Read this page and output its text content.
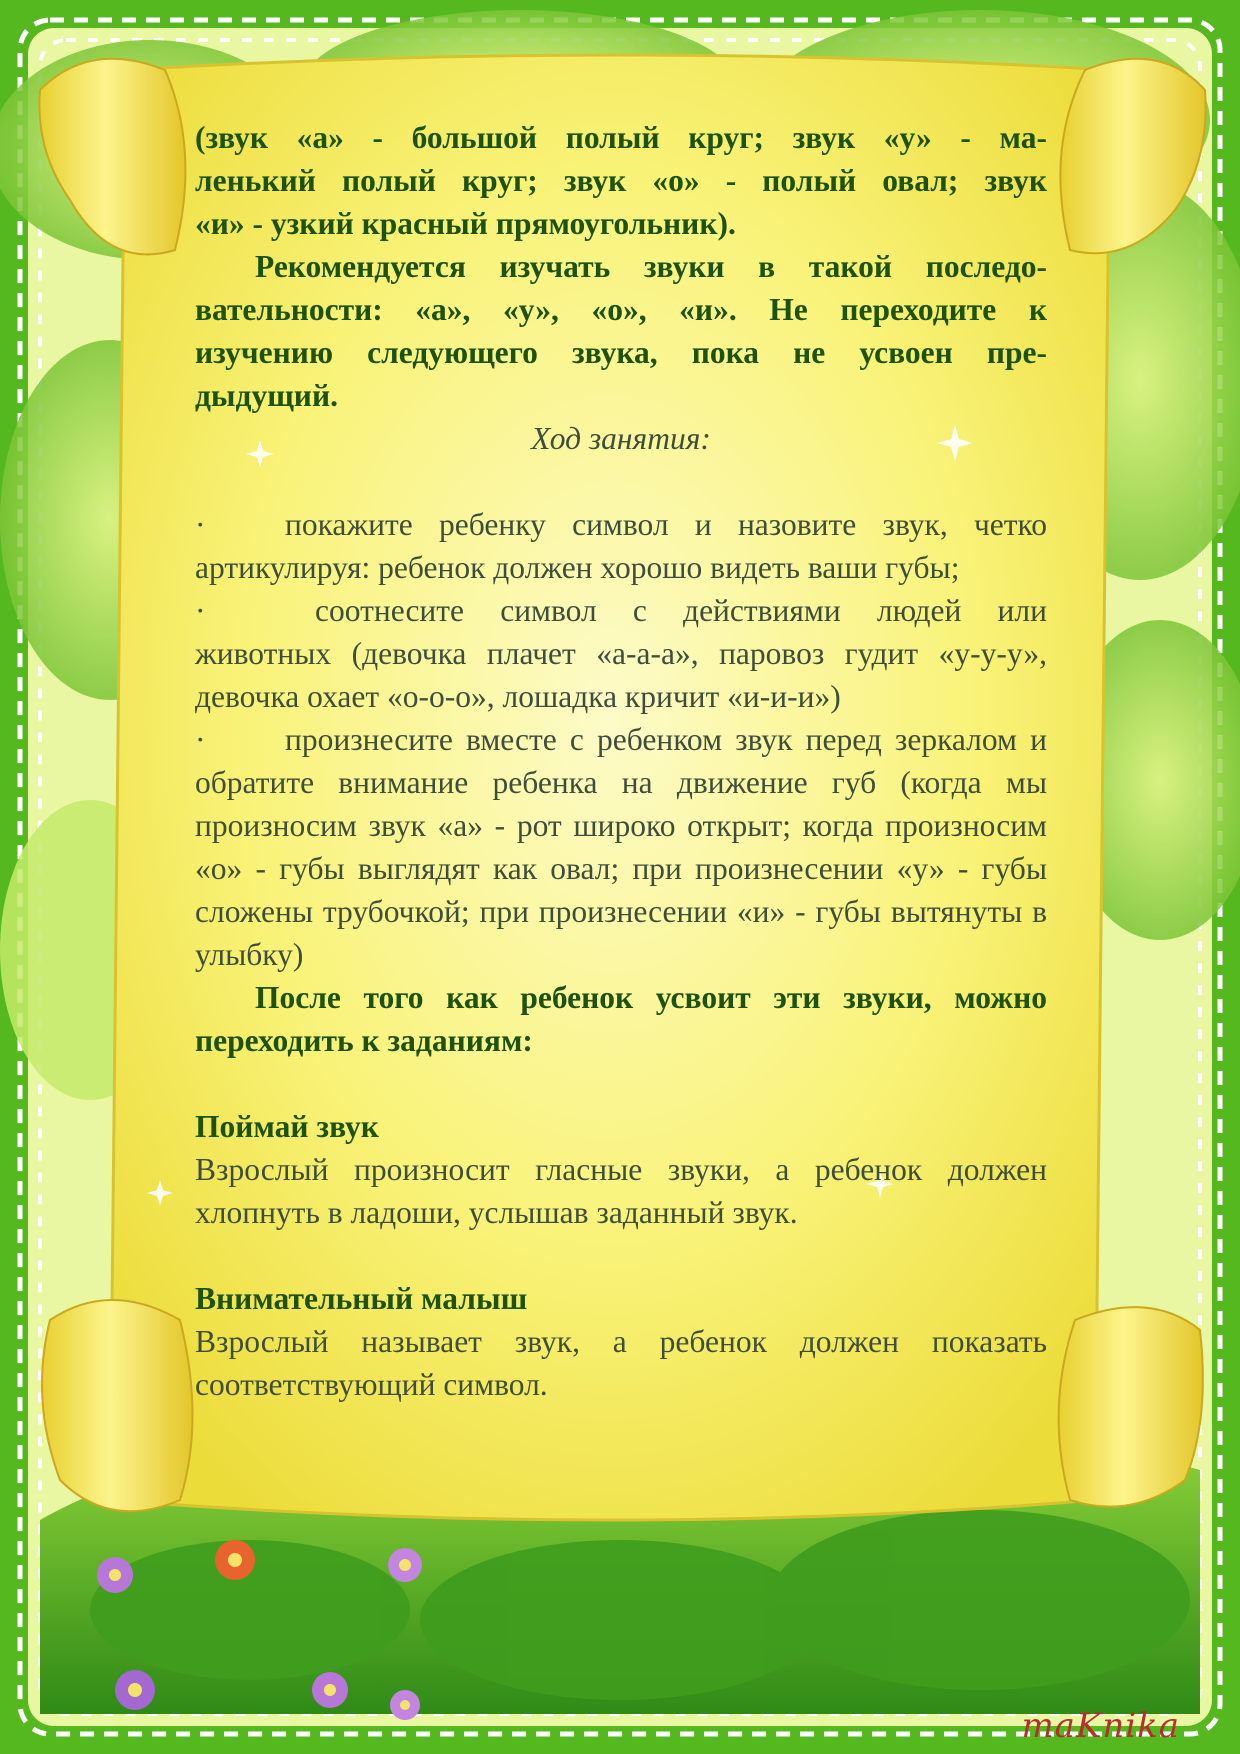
(звук «а» - большой полый круг; звук «у» - ма-
ленький полый круг; звук «о» - полый овал; звук
«и» - узкий красный прямоугольник).

Рекомендуется изучать звуки в такой последо-
вательности: «а», «у», «о», «и». Не переходите к
изучению следующего звука, пока не усвоен пре-
дыдущий.

Ход занятия:

·	покажите ребенку символ и назовите звук, четко артикулируя: ребенок должен хорошо видеть ваши губы;

·	соотнесите символ с действиями людей или животных (девочка плачет «а-а-а», паровоз гудит «у-у-у», девочка охает «о-о-о», лошадка кричит «и-и-и»)

·	произнесите вместе с ребенком звук перед зеркалом и обратите внимание ребенка на движение губ (когда мы произносим звук «а» - рот широко открыт; когда произносим «о» - губы выглядят как овал; при произнесении «у» - губы сложены трубочкой; при произнесении «и» - губы вытянуты в улыбку)

После того как ребенок усвоит эти звуки, можно переходить к заданиям:

Поймай звук

Взрослый произносит гласные звуки, а ребенок должен хлопнуть в ладоши, услышав заданный звук.

Внимательный малыш

Взрослый называет звук, а ребенок должен показать соответствующий символ.

maKnika
